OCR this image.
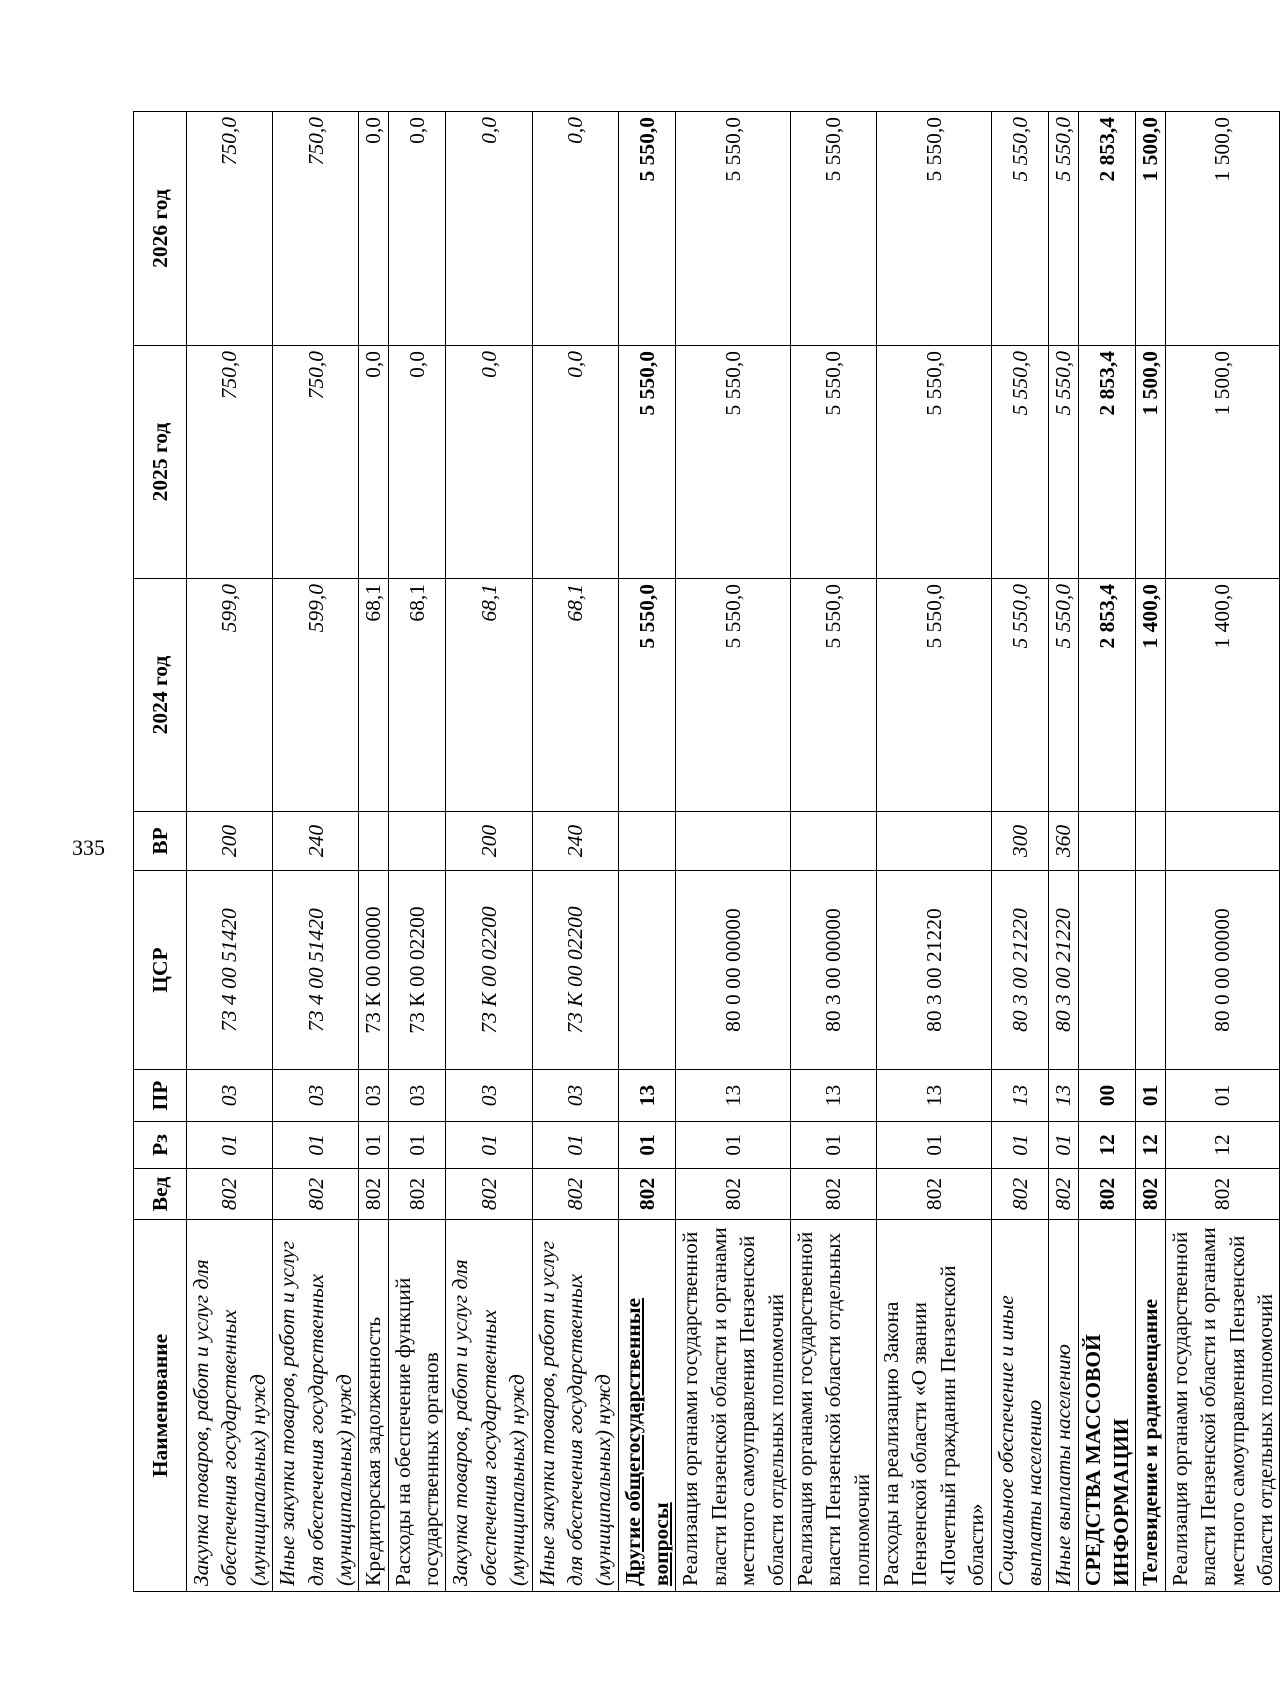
335
Наименование	Вед	Рз	ПР	ЦСР	ВР	2024 год	2025 год	2026 год
Закупка товаров, работ и услуг для обеспечения государственных (муниципальных) нужд	802	01	03	73 4 00 51420	200	599,0	750,0	750,0
Иные закупки товаров, работ и услуг для обеспечения государственных (муниципальных) нужд	802	01	03	73 4 00 51420	240	599,0	750,0	750,0
Кредиторская задолженность	802	01	03	73 К 00 00000		68,1	0,0	0,0
Расходы на обеспечение функций государственных органов	802	01	03	73 К 00 02200		68,1	0,0	0,0
Закупка товаров, работ и услуг для обеспечения государственных (муниципальных) нужд	802	01	03	73 К 00 02200	200	68,1	0,0	0,0
Иные закупки товаров, работ и услуг для обеспечения государственных (муниципальных) нужд	802	01	03	73 К 00 02200	240	68,1	0,0	0,0
Другие общегосударственные вопросы	802	01	13			5 550,0	5 550,0	5 550,0
Реализация органами государственной власти Пензенской области и органами местного самоуправления Пензенской области отдельных полномочий	802	01	13	80 0 00 00000		5 550,0	5 550,0	5 550,0
Реализация органами государственной власти Пензенской области отдельных полномочий	802	01	13	80 3 00 00000		5 550,0	5 550,0	5 550,0
Расходы на реализацию Закона Пензенской области «О звании «Почетный гражданин Пензенской области»	802	01	13	80 3 00 21220		5 550,0	5 550,0	5 550,0
Социальное обеспечение и иные выплаты населению	802	01	13	80 3 00 21220	300	5 550,0	5 550,0	5 550,0
Иные выплаты населению	802	01	13	80 3 00 21220	360	5 550,0	5 550,0	5 550,0
СРЕДСТВА МАССОВОЙ ИНФОРМАЦИИ	802	12	00			2 853,4	2 853,4	2 853,4
Телевидение и радиовещание	802	12	01			1 400,0	1 500,0	1 500,0
Реализация органами государственной власти Пензенской области и органами местного самоуправления Пензенской области отдельных полномочий	802	12	01	80 0 00 00000		1 400,0	1 500,0	1 500,0
